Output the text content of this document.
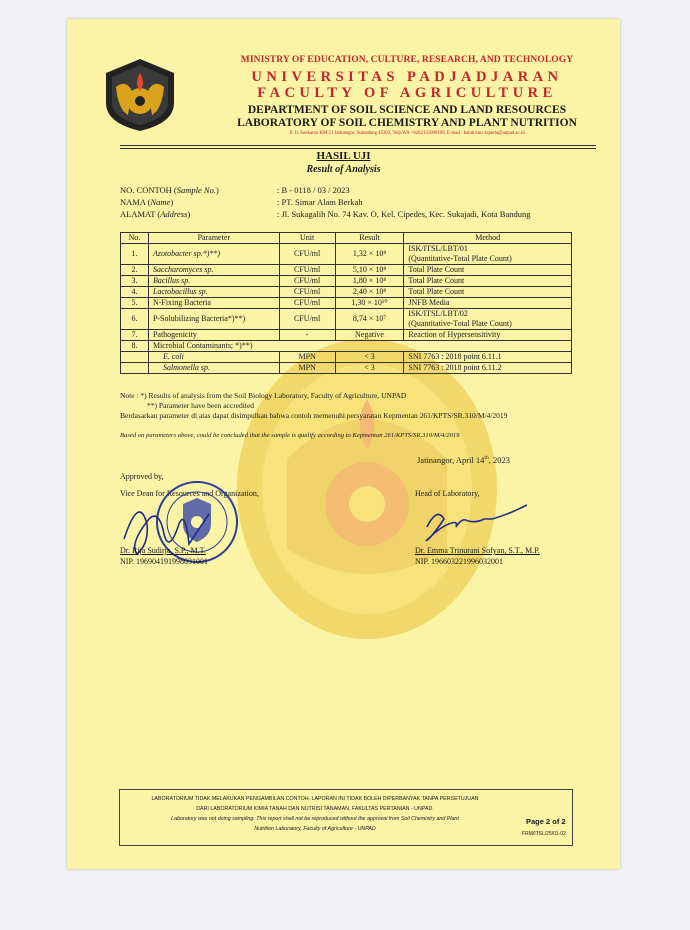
MINISTRY OF EDUCATION, CULTURE, RESEARCH, AND TECHNOLOGY
UNIVERSITAS PADJADJARAN
FACULTY OF AGRICULTURE
DEPARTMENT OF SOIL SCIENCE AND LAND RESOURCES
LABORATORY OF SOIL CHEMISTRY AND PLANT NUTRITION
Jl. Ir. Soekarno KM 21 Jatinangor, Sumedang 45363, Telp/WA +6282125008109, E-mail : kalab.kinc.faperta@unpad.ac.id
HASIL UJI
Result of Analysis
NO. CONTOH (Sample No.)	: B - 0118 / 03 / 2023
NAMA (Name)	: PT. Simar Alam Berkah
ALAMAT (Address)	: Jl. Sukagalih No. 74 Kav. O, Kel. Cipedes, Kec. Sukajadi, Kota Bandung
No.	Parameter	Unit	Result	Method
1.	Azotobacter sp.*)**)	CFU/ml	1,32 × 10⁸	ISK/ITSL/LBT/01
				(Quantitative-Total Plate Count)
2.	Saccharomyces sp.	CFU/ml	5,10 × 10⁸	Total Plate Count
3.	Bacillus sp.	CFU/ml	1,80 × 10⁸	Total Plate Count
4.	Lactobacillus sp.	CFU/ml	2,40 × 10⁸	Total Plate Count
5.	N-Fixing Bacteria	CFU/ml	1,30 × 10¹⁰	JNFB Media
6.	P-Solubilizing Bacteria*)**)	CFU/ml	8,74 × 10⁷	ISK/ITSL/LBT/02
				(Quantitative-Total Plate Count)
7.	Pathogenicity	-	Negative	Reaction of Hypersensitivity
8.	Microbial Contaminants; *)**)			
	E. coli	MPN	< 3	SNI 7763 : 2018 point 6.11.1
	Salmonella sp.	MPN	< 3	SNI 7763 : 2018 point 6.11.2
Note : *) Results of analysis from the Soil Biology Laboratory, Faculty of Agriculture, UNPAD
**) Parameter have been accredited
Berdasarkan parameter di atas dapat disimpulkan bahwa contoh memenuhi persyaratan Kepmentan 261/KPTS/SR.310/M/4/2019
Based on parameters above, could be concluded that the sample is qualify according to Kepmentan 261/KPTS/SR.310/M/4/2019
Jatinangor, April 14th, 2023
Approved by,
Vice Dean for Resources and Organization,
Dr. Rija Sudirja, S.P., M.T.
NIP. 196904191998031001
Head of Laboratory,
Dr. Emma Trinurani Sofyan, S.T., M.P.
NIP. 196603221996032001
LABORATORIUM TIDAK MELAKUKAN PENGAMBILAN CONTOH. LAPORAN INI TIDAK BOLEH DIPERBANYAK TANPA PERSETUJUAN
DARI LABORATORIUM KIMIA TANAH DAN NUTRISI TANAMAN, FAKULTAS PERTANIAN - UNPAD.
Laboratory was not doing sampling. This report shall not be reproduced without the approval from Soil Chemistry and Plant
Nutrition Laboratory, Faculty of Agriculture - UNPAD
Page 2 of 2
FRM/ITSL/25/01-02
